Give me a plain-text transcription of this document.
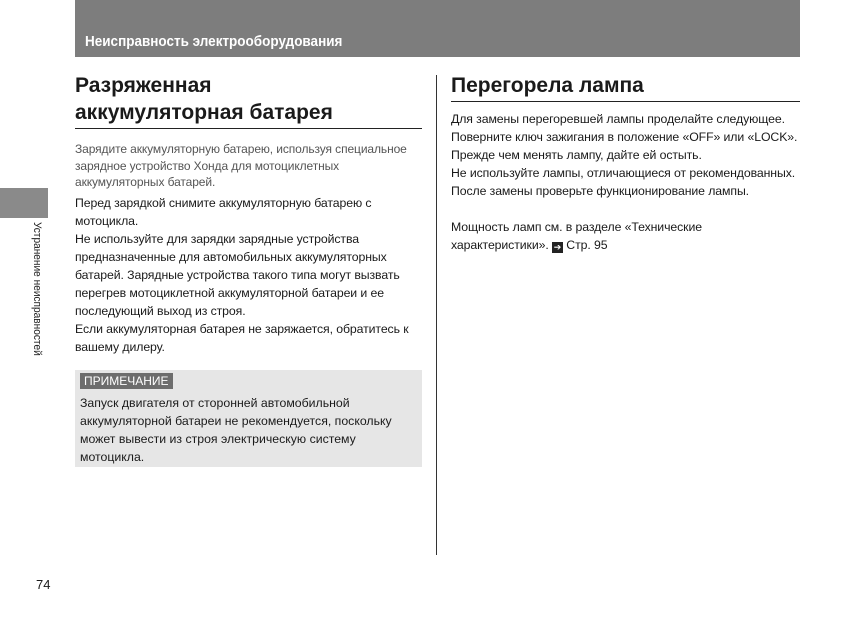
Неисправность электрооборудования
Устранение неисправностей
Разряженная аккумуляторная батарея

Зарядите аккумуляторную батарею, используя специальное зарядное устройство Хонда для мотоциклетных аккумуляторных батарей.

Перед зарядкой снимите аккумуляторную батарею с мотоцикла.

Не используйте для зарядки зарядные устройства предназначенные для автомобильных аккумуляторных батарей. Зарядные устройства такого типа могут вызвать перегрев мотоциклетной аккумуляторной батареи и ее последующий выход из строя.

Если аккумуляторная батарея не заряжается, обратитесь к вашему дилеру.

ПРИМЕЧАНИЕ
Запуск двигателя от сторонней автомобильной аккумуляторной батареи не рекомендуется, поскольку может вывести из строя электрическую систему мотоцикла.
Перегорела лампа

Для замены перегоревшей лампы проделайте следующее.

Поверните ключ зажигания в положение «OFF» или «LOCK».

Прежде чем менять лампу, дайте ей остыть.

Не используйте лампы, отличающиеся от рекомендованных.

После замены проверьте функционирование лампы.

Мощность ламп см. в разделе «Технические характеристики». ➔ Стр. 95

74
